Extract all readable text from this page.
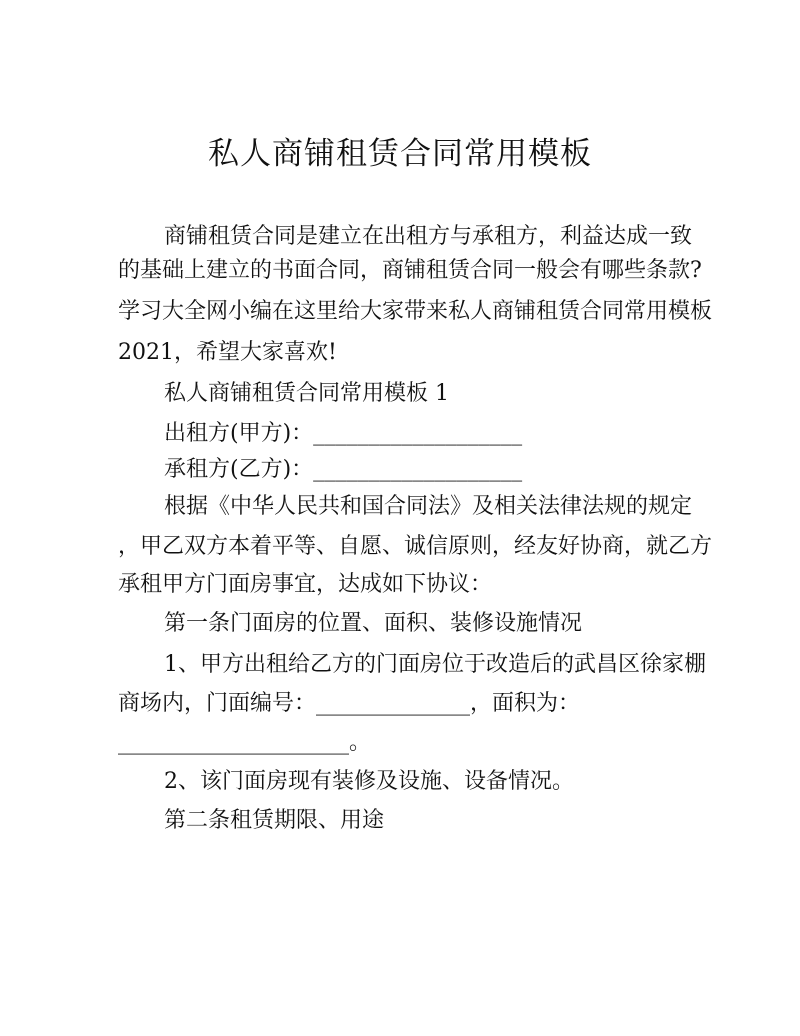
私人商铺租赁合同常用模板
商铺租赁合同是建立在出租方与承租方，利益达成一致
的基础上建立的书面合同，商铺租赁合同一般会有哪些条款?
学习大全网小编在这里给大家带来私人商铺租赁合同常用模板
2021，希望大家喜欢!
私人商铺租赁合同常用模板 1
出租方(甲方)：___________________
承租方(乙方)：___________________
根据《中华人民共和国合同法》及相关法律法规的规定
，甲乙双方本着平等、自愿、诚信原则，经友好协商，就乙方
承租甲方门面房事宜，达成如下协议：
第一条门面房的位置、面积、装修设施情况
1、甲方出租给乙方的门面房位于改造后的武昌区徐家棚
商场内，门面编号：______________，面积为：
_____________________。
2、该门面房现有装修及设施、设备情况。
第二条租赁期限、用途
